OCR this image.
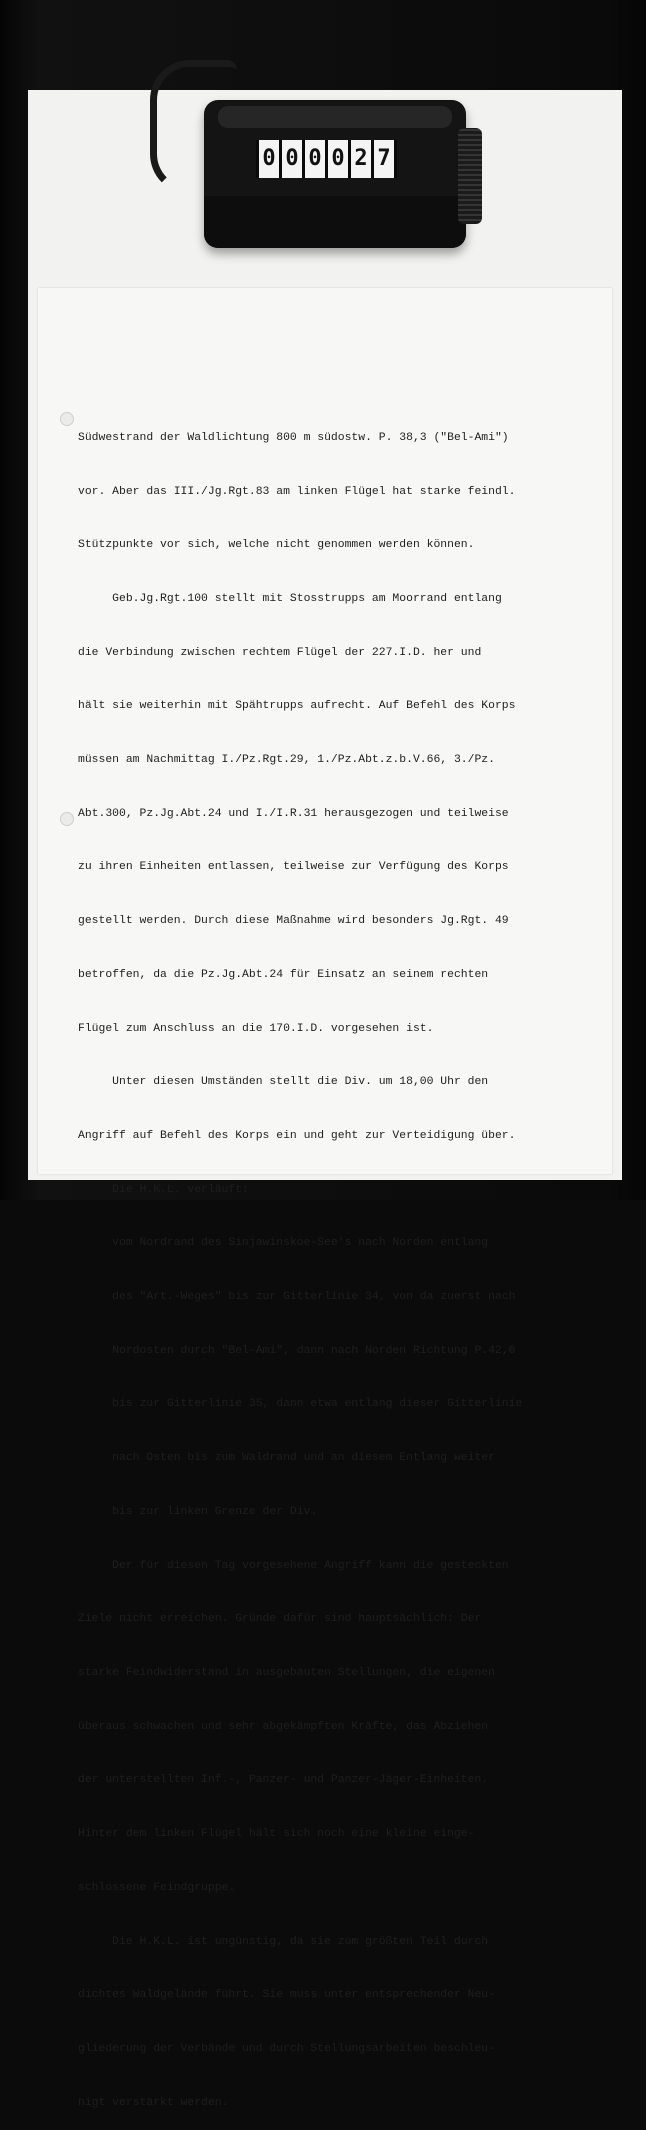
0 0 0 0 2 7

Südwestrand der Waldlichtung 800 m südostw. P. 38,3 ("Bel-Ami")

vor. Aber das III./Jg.Rgt.83 am linken Flügel hat starke feindl.

Stützpunkte vor sich, welche nicht genommen werden können.

Geb.Jg.Rgt.100 stellt mit Stosstrupps am Moorrand entlang

die Verbindung zwischen rechtem Flügel der 227.I.D. her und

hält sie weiterhin mit Spähtrupps aufrecht. Auf Befehl des Korps

müssen am Nachmittag I./Pz.Rgt.29, 1./Pz.Abt.z.b.V.66, 3./Pz.

Abt.300, Pz.Jg.Abt.24 und I./I.R.31 herausgezogen und teilweise

zu ihren Einheiten entlassen, teilweise zur Verfügung des Korps

gestellt werden. Durch diese Maßnahme wird besonders Jg.Rgt. 49

betroffen, da die Pz.Jg.Abt.24 für Einsatz an seinem rechten

Flügel zum Anschluss an die 170.I.D. vorgesehen ist.

Unter diesen Umständen stellt die Div. um 18,00 Uhr den

Angriff auf Befehl des Korps ein und geht zur Verteidigung über.

Die H.K.L. verläuft:

vom Nordrand des Sinjawinskoe-See's nach Norden entlang

des "Art.-Weges" bis zur Gitterlinie 34, von da zuerst nach

Nordosten durch "Bel-Ami", dann nach Norden Richtung P.42,0

bis zur Gitterlinie 35, dann etwa entlang dieser Gitterlinie

nach Osten bis zum Waldrand und an diesem Entlang weiter

bis zur linken Grenze der Div.

Der für diesen Tag vorgesehene Angriff kann die gesteckten

Ziele nicht erreichen. Gründe dafür sind hauptsächlich: Der

starke Feindwiderstand in ausgebauten Stellungen, die eigenen

überaus schwachen und sehr abgekämpften Kräfte, das Abziehen

der unterstellten Inf.-, Panzer- und Panzer-Jäger-Einheiten.

Hinter dem linken Flügel hält sich noch eine kleine einge-

schlossene Feindgruppe.

Die H.K.L. ist ungünstig, da sie zum größten Teil durch

dichtes Waldgelände führt. Sie muss unter entsprechender Neu-

gliederung der Verbände und durch Stellungsarbeiten beschleu-

nigt verstärkt werden.
